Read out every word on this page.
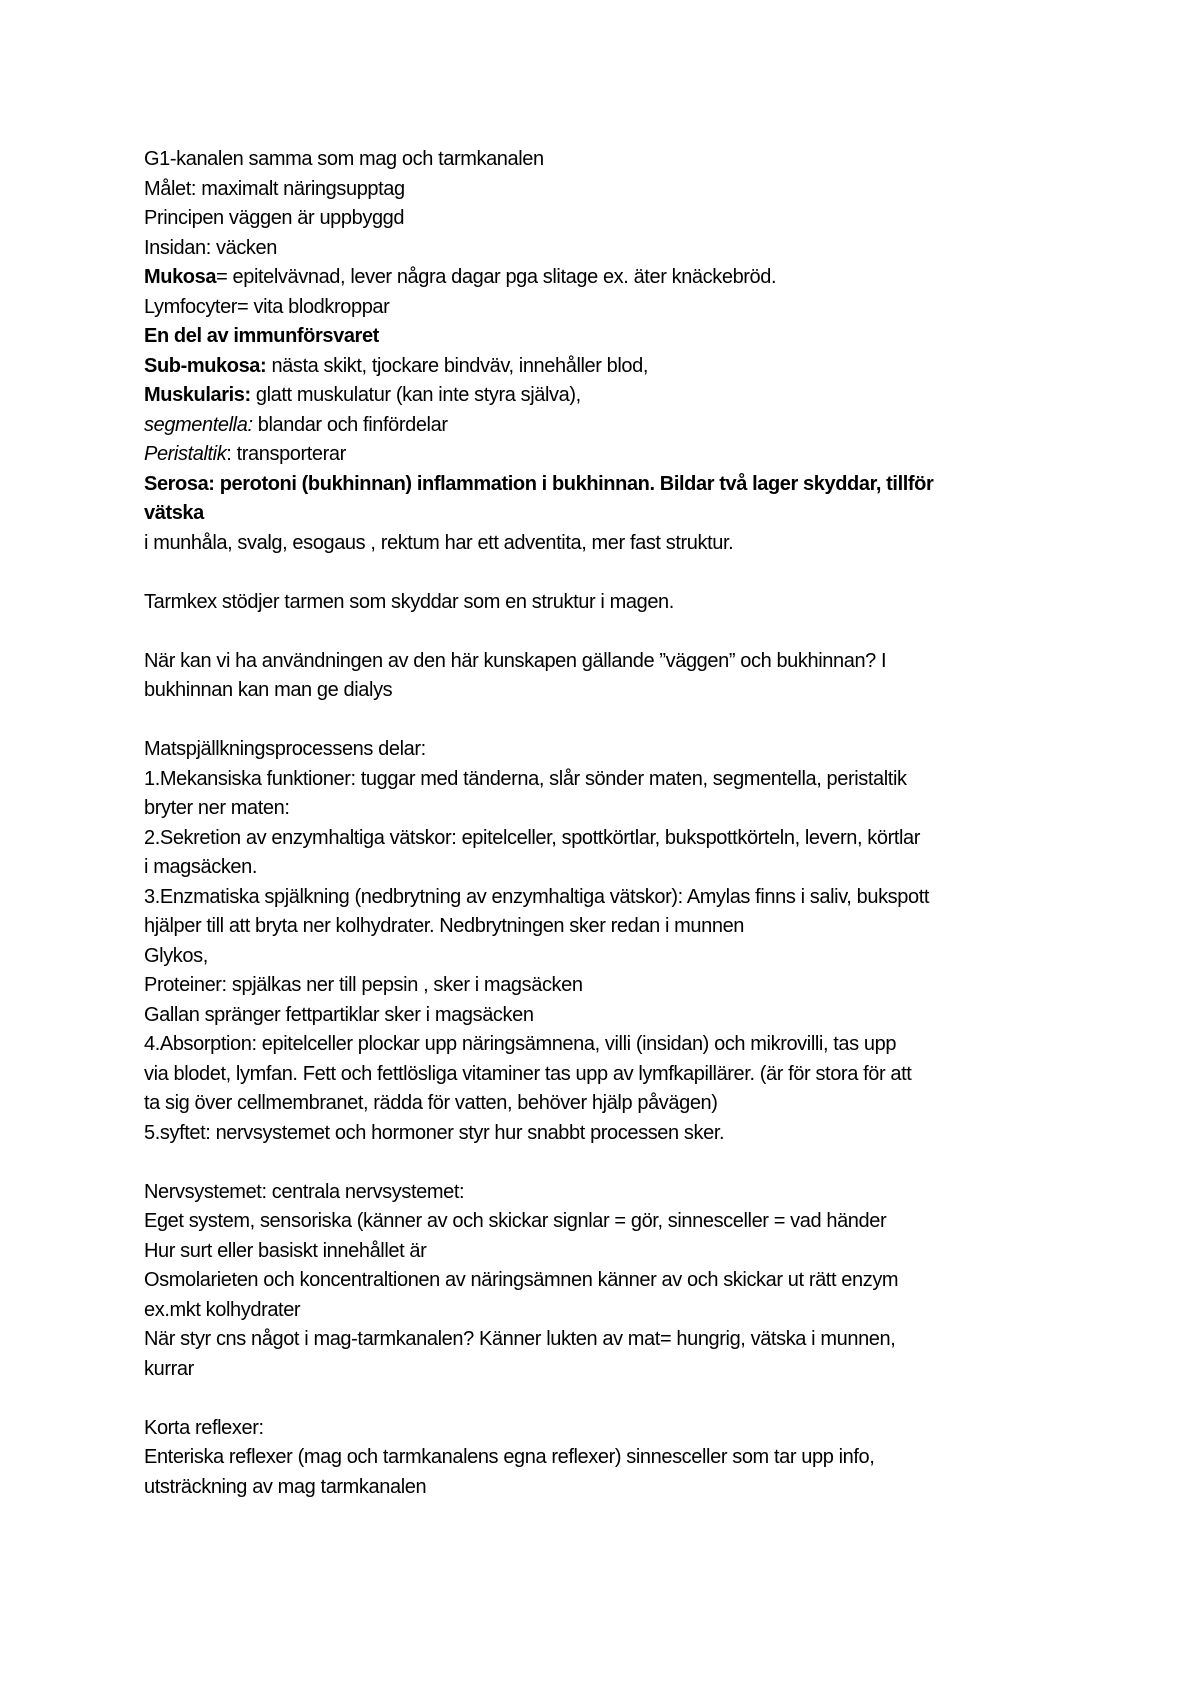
G1-kanalen samma som mag och tarmkanalen

Målet: maximalt näringsupptag

Principen väggen är uppbyggd

Insidan: väcken

Mukosa= epitelvävnad, lever några dagar pga slitage ex. äter knäckebröd.

Lymfocyter= vita blodkroppar

En del av immunförsvaret

Sub-mukosa: nästa skikt, tjockare bindväv, innehåller blod,

Muskularis: glatt muskulatur (kan inte styra själva),

segmentella: blandar och finfördelar

Peristaltik: transporterar

Serosa: perotoni (bukhinnan) inflammation i bukhinnan. Bildar två lager skyddar, tillför

vätska

i munhåla, svalg, esogaus , rektum har ett adventita, mer fast struktur.

Tarmkex stödjer tarmen som skyddar som en struktur i magen.

När kan vi ha användningen av den här kunskapen gällande ”väggen” och bukhinnan? I

bukhinnan kan man ge dialys

Matspjällkningsprocessens delar:

1.Mekansiska funktioner: tuggar med tänderna, slår sönder maten, segmentella, peristaltik

bryter ner maten:

2.Sekretion av enzymhaltiga vätskor: epitelceller, spottkörtlar, bukspottkörteln, levern, körtlar

i magsäcken.

3.Enzmatiska spjälkning (nedbrytning av enzymhaltiga vätskor): Amylas finns i saliv, bukspott

hjälper till att bryta ner kolhydrater. Nedbrytningen sker redan i munnen

Glykos,

Proteiner: spjälkas ner till pepsin , sker i magsäcken

Gallan spränger fettpartiklar sker i magsäcken

4.Absorption: epitelceller plockar upp näringsämnena, villi (insidan) och mikrovilli, tas upp

via blodet, lymfan. Fett och fettlösliga vitaminer tas upp av lymfkapillärer. (är för stora för att

ta sig över cellmembranet, rädda för vatten, behöver hjälp påvägen)

5.syftet: nervsystemet och hormoner styr hur snabbt processen sker.

Nervsystemet: centrala nervsystemet:

Eget system, sensoriska (känner av och skickar signlar = gör, sinnesceller = vad händer

Hur surt eller basiskt innehållet är

Osmolarieten och koncentraltionen av näringsämnen känner av och skickar ut rätt enzym

ex.mkt kolhydrater

När styr cns något i mag-tarmkanalen? Känner lukten av mat= hungrig, vätska i munnen,

kurrar

Korta reflexer:

Enteriska reflexer (mag och tarmkanalens egna reflexer) sinnesceller som tar upp info,

utsträckning av mag tarmkanalen
